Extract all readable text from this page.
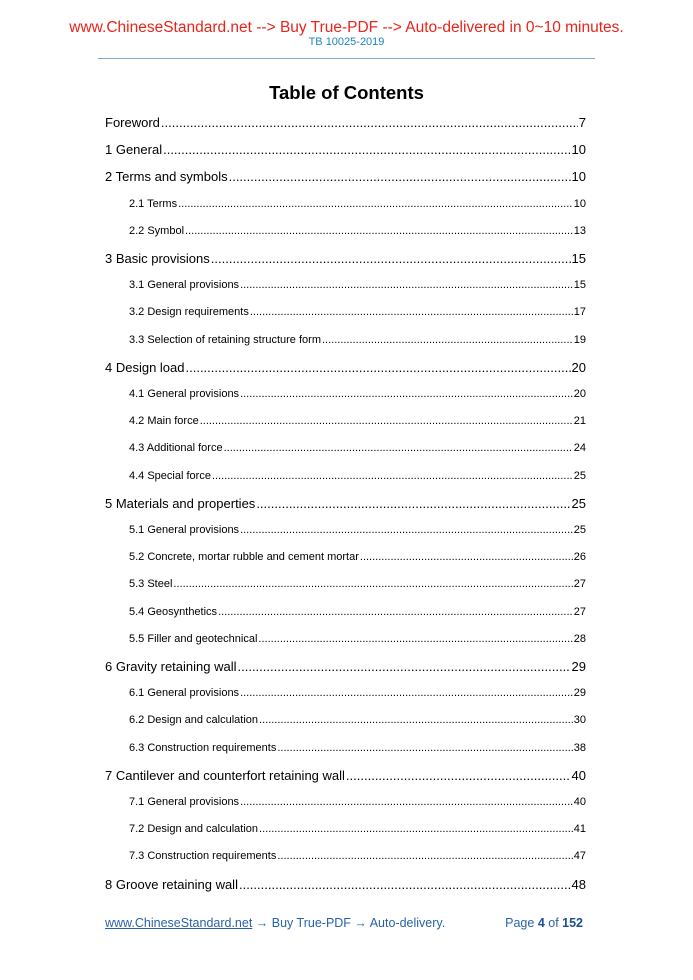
www.ChineseStandard.net --> Buy True-PDF --> Auto-delivered in 0~10 minutes.
TB 10025-2019
Table of Contents
Foreword .....	7
1 General .....	10
2 Terms and symbols .....	10
2.1 Terms .....	10
2.2 Symbol .....	13
3 Basic provisions .....	15
3.1 General provisions .....	15
3.2 Design requirements .....	17
3.3 Selection of retaining structure form .....	19
4 Design load .....	20
4.1 General provisions .....	20
4.2 Main force .....	21
4.3 Additional force .....	24
4.4 Special force .....	25
5 Materials and properties .....	25
5.1 General provisions .....	25
5.2 Concrete, mortar rubble and cement mortar .....	26
5.3 Steel .....	27
5.4 Geosynthetics .....	27
5.5 Filler and geotechnical .....	28
6 Gravity retaining wall .....	29
6.1 General provisions .....	29
6.2 Design and calculation .....	30
6.3 Construction requirements .....	38
7 Cantilever and counterfort retaining wall .....	40
7.1 General provisions .....	40
7.2 Design and calculation .....	41
7.3 Construction requirements .....	47
8 Groove retaining wall .....	48
www.ChineseStandard.net → Buy True-PDF → Auto-delivery.	Page 4 of 152
